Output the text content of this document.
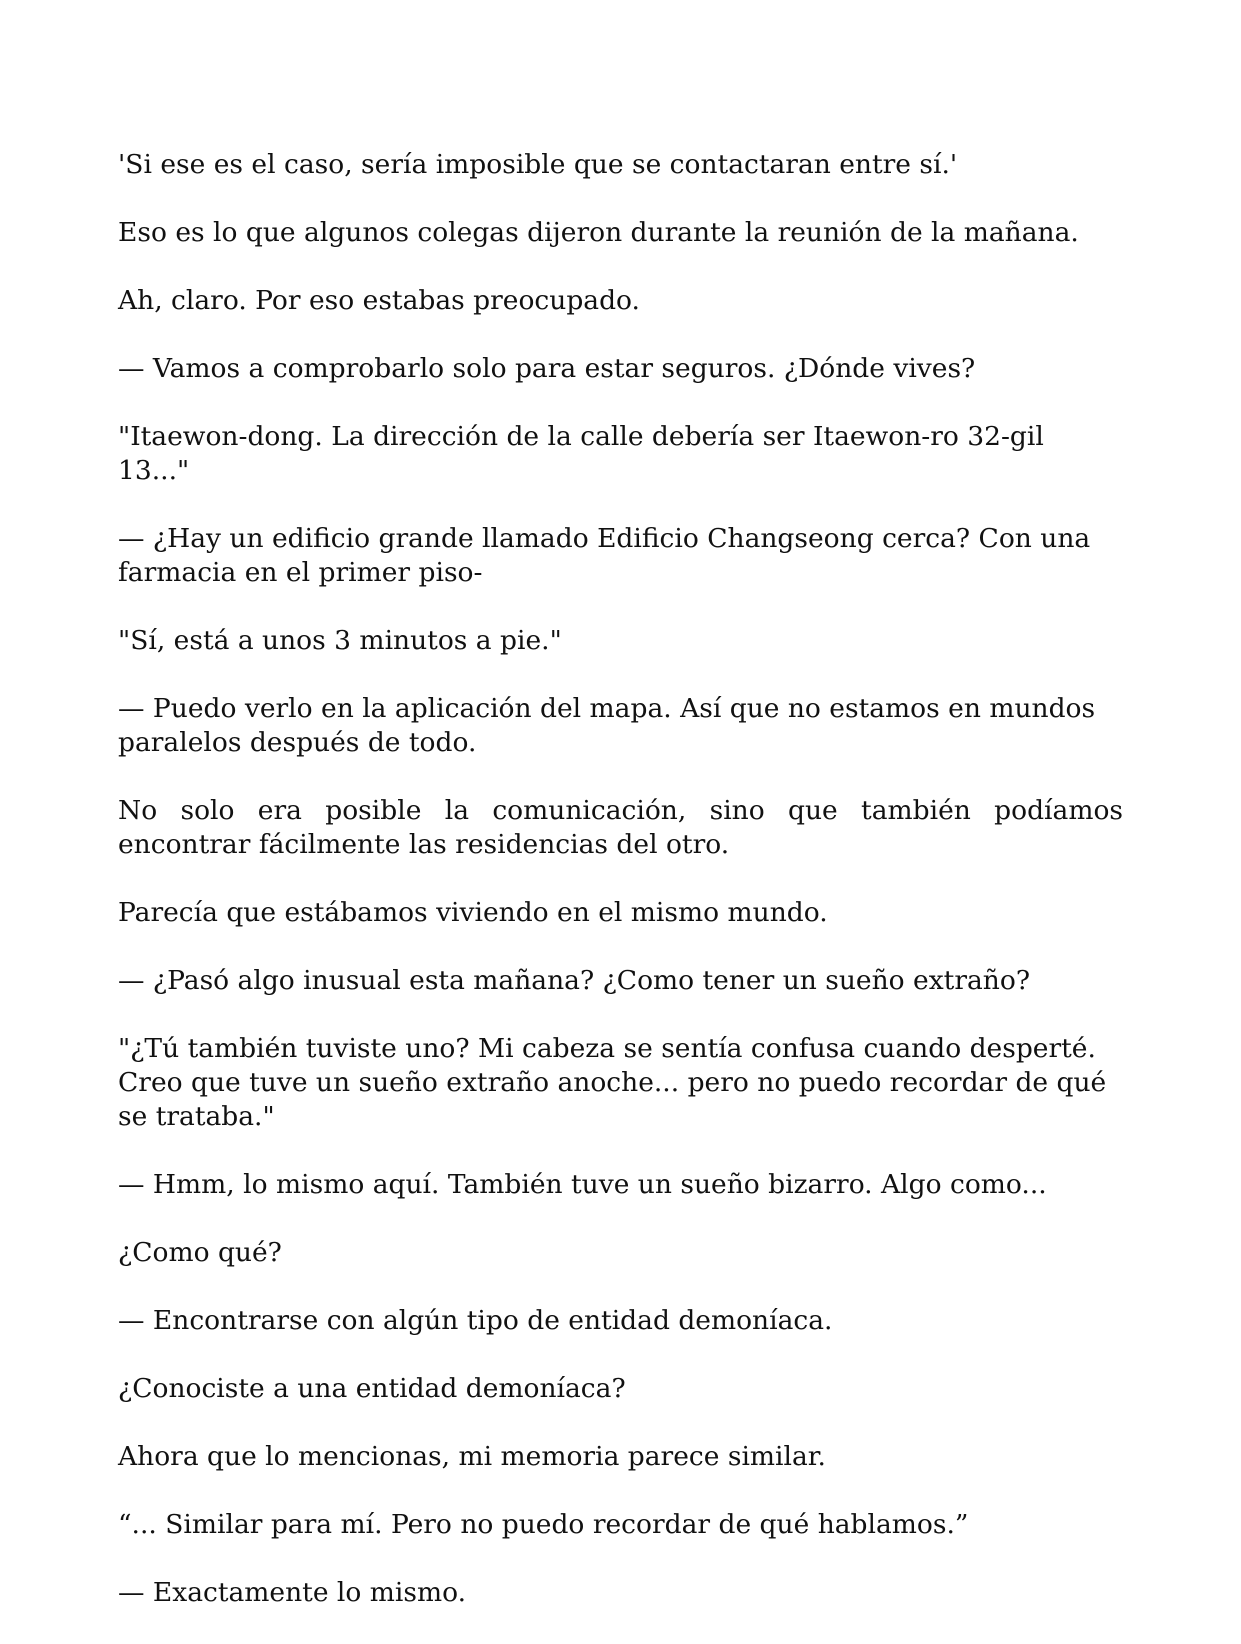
'Si ese es el caso, sería imposible que se contactaran entre sí.'

Eso es lo que algunos colegas dijeron durante la reunión de la mañana.

Ah, claro. Por eso estabas preocupado.

— Vamos a comprobarlo solo para estar seguros. ¿Dónde vives?

"Itaewon-dong. La dirección de la calle debería ser Itaewon-ro 32-gil 13..."

— ¿Hay un edificio grande llamado Edificio Changseong cerca? Con una farmacia en el primer piso-

"Sí, está a unos 3 minutos a pie."

— Puedo verlo en la aplicación del mapa. Así que no estamos en mundos paralelos después de todo.

No solo era posible la comunicación, sino que también podíamos encontrar fácilmente las residencias del otro.

Parecía que estábamos viviendo en el mismo mundo.

— ¿Pasó algo inusual esta mañana? ¿Como tener un sueño extraño?

"¿Tú también tuviste uno? Mi cabeza se sentía confusa cuando desperté. Creo que tuve un sueño extraño anoche... pero no puedo recordar de qué se trataba."

— Hmm, lo mismo aquí. También tuve un sueño bizarro. Algo como...

¿Como qué?

— Encontrarse con algún tipo de entidad demoníaca.

¿Conociste a una entidad demoníaca?

Ahora que lo mencionas, mi memoria parece similar.

“... Similar para mí. Pero no puedo recordar de qué hablamos.”

— Exactamente lo mismo.
